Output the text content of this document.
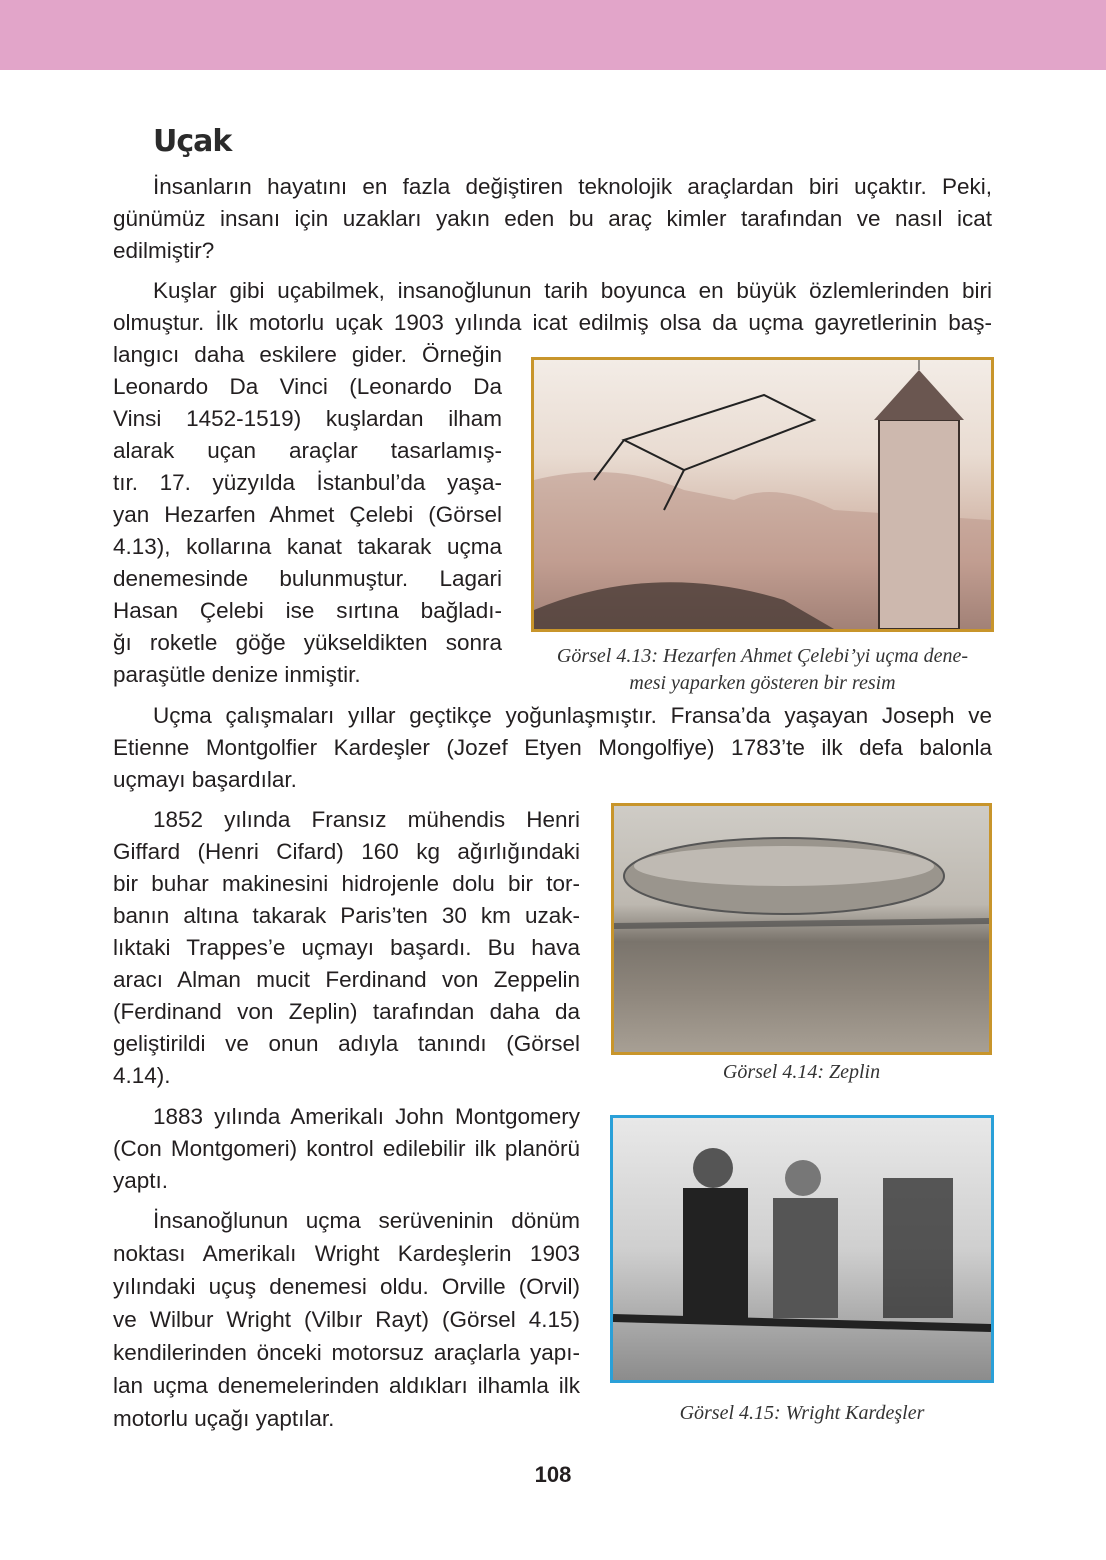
Uçak
İnsanların hayatını en fazla değiştiren teknolojik araçlardan biri uçaktır. Peki,
günümüz insanı için uzakları yakın eden bu araç kimler tarafından ve nasıl icat
edilmiştir?
Kuşlar gibi uçabilmek, insanoğlunun tarih boyunca en büyük özlemlerinden biri
olmuştur. İlk motorlu uçak 1903 yılında icat edilmiş olsa da uçma gayretlerinin baş-
langıcı daha eskilere gider. Örneğin
Leonardo Da Vinci (Leonardo Da
Vinsi 1452-1519) kuşlardan ilham
alarak uçan araçlar tasarlamış-
tır. 17. yüzyılda İstanbul’da yaşa-
yan Hezarfen Ahmet Çelebi (Görsel
4.13), kollarına kanat takarak uçma
denemesinde bulunmuştur. Lagari
Hasan Çelebi ise sırtına bağladı-
ğı roketle göğe yükseldikten sonra
paraşütle denize inmiştir.
Uçma çalışmaları yıllar geçtikçe yoğunlaşmıştır. Fransa’da yaşayan Joseph ve
Etienne Montgolfier Kardeşler (Jozef Etyen Mongolfiye) 1783’te ilk defa balonla
uçmayı başardılar.
1852 yılında Fransız mühendis Henri
Giffard (Henri Cifard) 160 kg ağırlığındaki
bir buhar makinesini hidrojenle dolu bir tor-
banın altına takarak Paris’ten 30 km uzak-
lıktaki Trappes’e uçmayı başardı. Bu hava
aracı Alman mucit Ferdinand von Zeppelin
(Ferdinand von Zeplin) tarafından daha da
geliştirildi ve onun adıyla tanındı (Görsel
4.14).
1883 yılında Amerikalı John Montgomery
(Con Montgomeri) kontrol edilebilir ilk planörü
yaptı.
İnsanoğlunun uçma serüveninin dönüm
noktası Amerikalı Wright Kardeşlerin 1903
yılındaki uçuş denemesi oldu. Orville (Orvil)
ve Wilbur Wright (Vilbır Rayt) (Görsel 4.15)
kendilerinden önceki motorsuz araçlarla yapı-
lan uçma denemelerinden aldıkları ilhamla ilk
motorlu uçağı yaptılar.
Görsel 4.13: Hezarfen Ahmet Çelebi’yi uçma dene-
mesi yaparken gösteren bir resim
Görsel 4.14: Zeplin
Görsel 4.15: Wright Kardeşler
108
